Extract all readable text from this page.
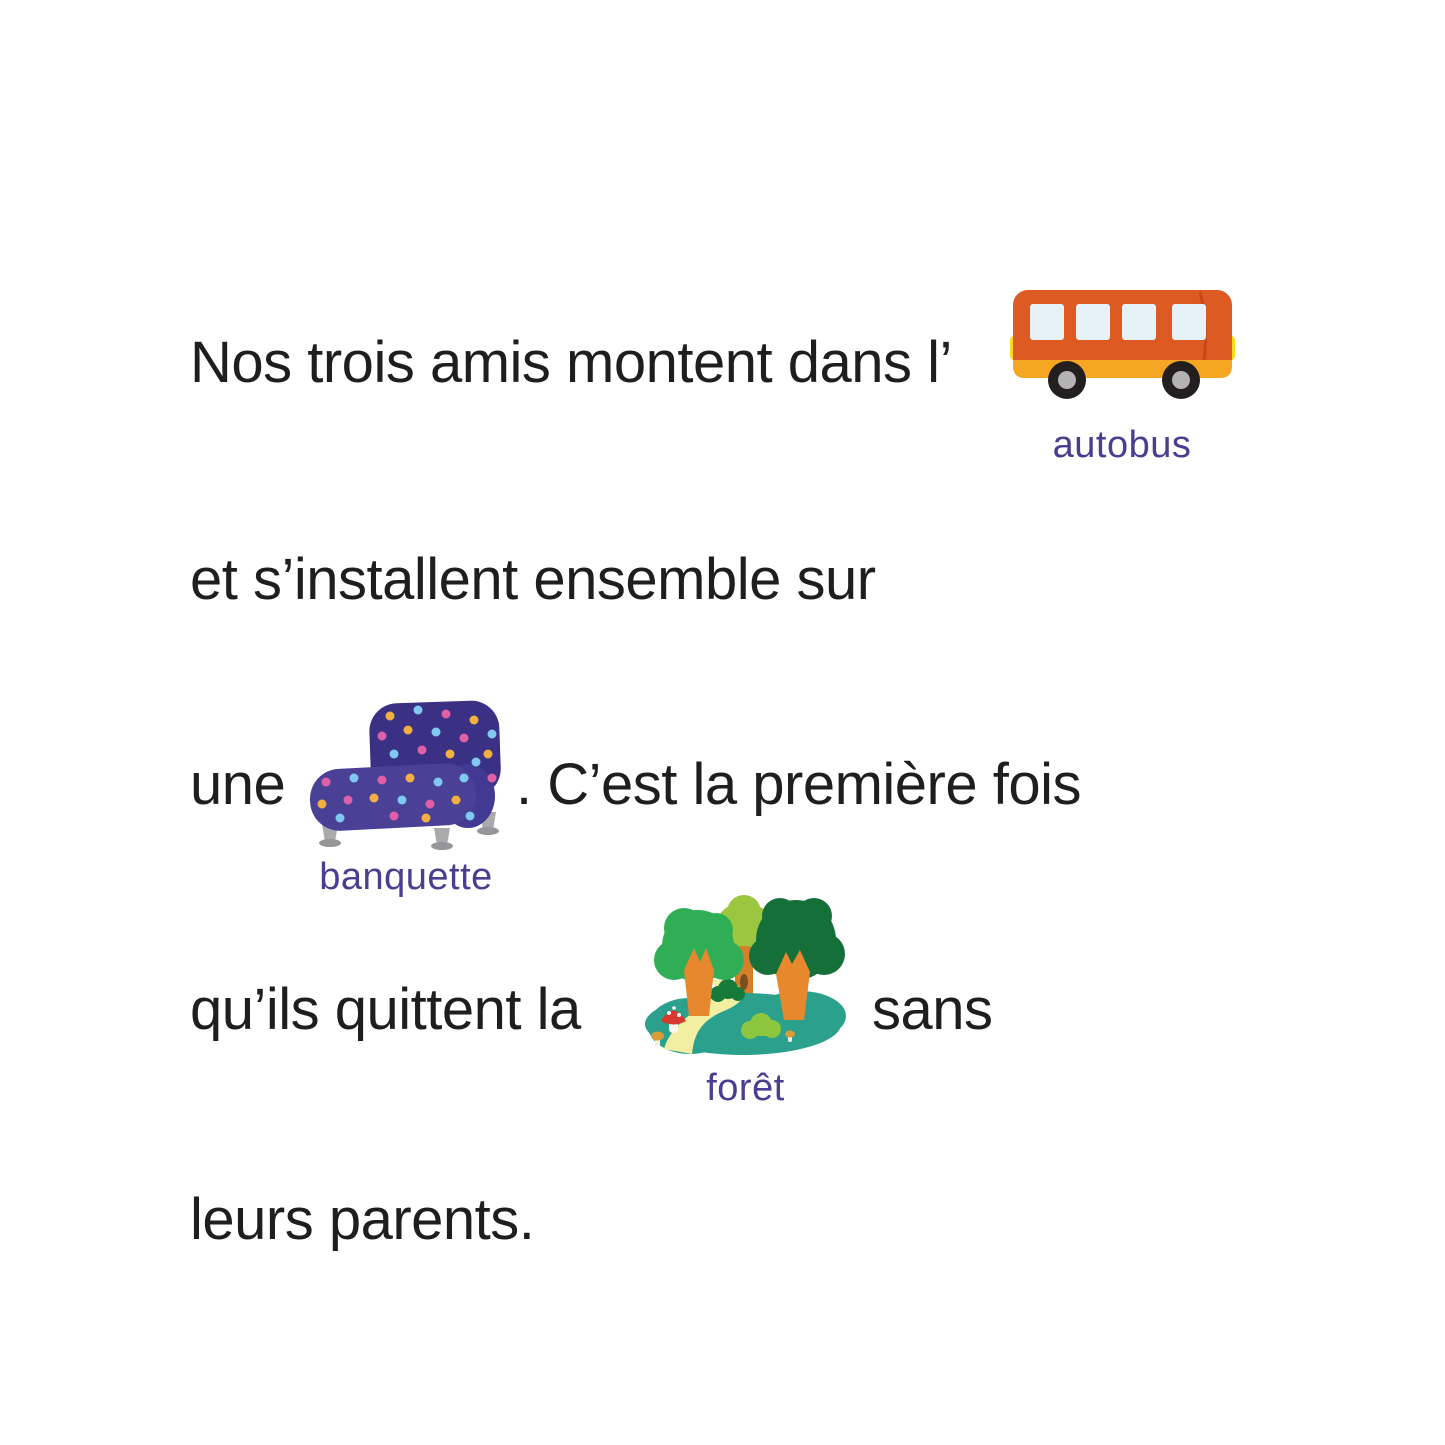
Nos trois amis montent dans l’
autobus
et s’installent ensemble sur
une
banquette
. C’est la première fois
qu’ils quittent la
forêt
sans
leurs parents.
